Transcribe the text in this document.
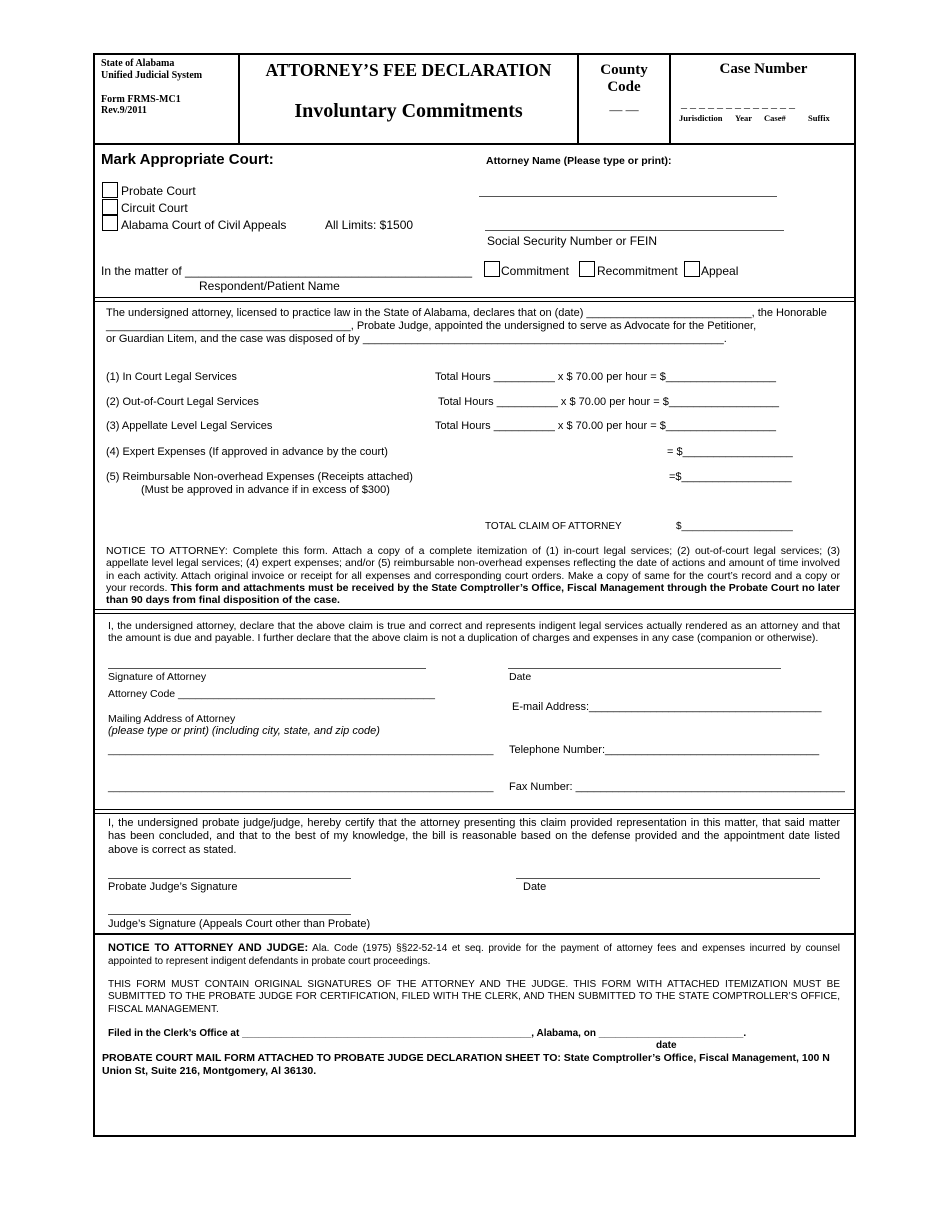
State of Alabama
Unified Judicial System
Form FRMS-MC1
Rev.9/2011
ATTORNEY’S FEE DECLARATION
Involuntary Commitments
County Code
— —
Case Number
_ _ _ _ _ _ _ _ _ _ _ _ _
Jurisdiction Year Case#	Suffix
Mark Appropriate Court:	Attorney Name (Please type or print):
Probate Court
Circuit Court
Alabama Court of Civil Appeals	All Limits: $1500
Social Security Number or FEIN
In the matter of ___________________________________________
Respondent/Patient Name
Commitment Recommitment Appeal
The undersigned attorney, licensed to practice law in the State of Alabama, declares that on (date) ___________________________, the Honorable
________________________________________, Probate Judge, appointed the undersigned to serve as Advocate for the Petitioner,
or Guardian Litem, and the case was disposed of by ___________________________________________________________.
(1) In Court Legal Services	Total Hours __________ x $ 70.00 per hour = $__________________
(2) Out-of-Court Legal Services	Total Hours __________ x $ 70.00 per hour = $__________________
(3) Appellate Level Legal Services	Total Hours __________ x $ 70.00 per hour = $__________________
(4) Expert Expenses (If approved in advance by the court)	= $__________________
(5) Reimbursable Non-overhead Expenses (Receipts attached)	=$__________________
(Must be approved in advance if in excess of $300)
TOTAL CLAIM OF ATTORNEY	$____________________
NOTICE TO ATTORNEY: Complete this form. Attach a copy of a complete itemization of (1) in-court legal services; (2) out-of-court legal services; (3) appellate level legal services; (4) expert expenses; and/or (5) reimbursable non-overhead expenses reflecting the date of actions and amount of time involved in each activity. Attach original invoice or receipt for all expenses and corresponding court orders. Make a copy of same for the court’s record and a copy or your records. This form and attachments must be received by the State Comptroller’s Office, Fiscal Management through the Probate Court no later than 90 days from final disposition of the case.
I, the undersigned attorney, declare that the above claim is true and correct and represents indigent legal services actually rendered as an attorney and that the amount is due and payable. I further declare that the above claim is not a duplication of charges and expenses in any case (companion or otherwise).
Signature of Attorney	Date
Attorney Code ____________________________________________
E-mail Address:______________________________________
Mailing Address of Attorney
(please type or print) (including city, state, and zip code)
__________________________________________________________________ Telephone Number:___________________________________
__________________________________________________________________ Fax Number: ____________________________________________
I, the undersigned probate judge/judge, hereby certify that the attorney presenting this claim provided representation in this matter, that said matter has been concluded, and that to the best of my knowledge, the bill is reasonable based on the defense provided and the appointment date listed above is correct as stated.
Probate Judge’s Signature	Date
Judge’s Signature (Appeals Court other than Probate)
NOTICE TO ATTORNEY AND JUDGE: Ala. Code (1975) §§22-52-14 et seq. provide for the payment of attorney fees and expenses incurred by counsel appointed to represent indigent defendants in probate court proceedings.
THIS FORM MUST CONTAIN ORIGINAL SIGNATURES OF THE ATTORNEY AND THE JUDGE. THIS FORM WITH ATTACHED ITEMIZATION MUST BE SUBMITTED TO THE PROBATE JUDGE FOR CERTIFICATION, FILED WITH THE CLERK, AND THEN SUBMITTED TO THE STATE COMPTROLLER’S OFFICE, FISCAL MANAGEMENT.
Filed in the Clerk’s Office at ____________________________________________________, Alabama, on __________________________.
date
PROBATE COURT MAIL FORM ATTACHED TO PROBATE JUDGE DECLARATION SHEET TO: State Comptroller’s Office, Fiscal Management, 100 N Union St, Suite 216, Montgomery, Al 36130.
